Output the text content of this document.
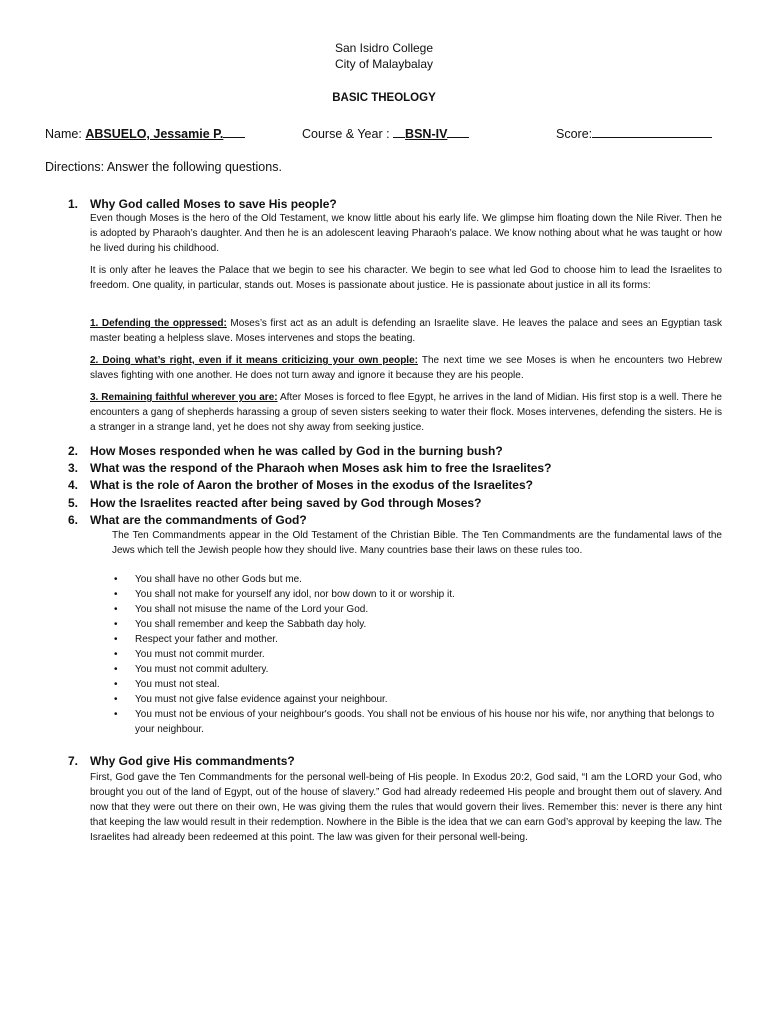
San Isidro College
City of Malaybalay
BASIC THEOLOGY
Name: ABSUELO, Jessamie P.	Course & Year : BSN-IV	Score:
Directions: Answer the following questions.
1. Why God called Moses to save His people?
Even though Moses is the hero of the Old Testament, we know little about his early life. We glimpse him floating down the Nile River. Then he is adopted by Pharaoh’s daughter. And then he is an adolescent leaving Pharaoh’s palace. We know nothing about what he was taught or how he lived during his childhood.
It is only after he leaves the Palace that we begin to see his character. We begin to see what led God to choose him to lead the Israelites to freedom. One quality, in particular, stands out. Moses is passionate about justice. He is passionate about justice in all its forms:
1. Defending the oppressed: Moses’s first act as an adult is defending an Israelite slave. He leaves the palace and sees an Egyptian task master beating a helpless slave. Moses intervenes and stops the beating.
2. Doing what’s right, even if it means criticizing your own people: The next time we see Moses is when he encounters two Hebrew slaves fighting with one another. He does not turn away and ignore it because they are his people.
3. Remaining faithful wherever you are: After Moses is forced to flee Egypt, he arrives in the land of Midian. His first stop is a well. There he encounters a gang of shepherds harassing a group of seven sisters seeking to water their flock. Moses intervenes, defending the sisters. He is a stranger in a strange land, yet he does not shy away from seeking justice.
2. How Moses responded when he was called by God in the burning bush?
3. What was the respond of the Pharaoh when Moses ask him to free the Israelites?
4. What is the role of Aaron the brother of Moses in the exodus of the Israelites?
5. How the Israelites reacted after being saved by God through Moses?
6. What are the commandments of God?
The Ten Commandments appear in the Old Testament of the Christian Bible. The Ten Commandments are the fundamental laws of the Jews which tell the Jewish people how they should live. Many countries base their laws on these rules too.
• You shall have no other Gods but me.
• You shall not make for yourself any idol, nor bow down to it or worship it.
• You shall not misuse the name of the Lord your God.
• You shall remember and keep the Sabbath day holy.
• Respect your father and mother.
• You must not commit murder.
• You must not commit adultery.
• You must not steal.
• You must not give false evidence against your neighbour.
• You must not be envious of your neighbour's goods. You shall not be envious of his house nor his wife, nor anything that belongs to your neighbour.
7. Why God give His commandments?
First, God gave the Ten Commandments for the personal well-being of His people. In Exodus 20:2, God said, “I am the LORD your God, who brought you out of the land of Egypt, out of the house of slavery.” God had already redeemed His people and brought them out of slavery. And now that they were out there on their own, He was giving them the rules that would govern their lives. Remember this: never is there any hint that keeping the law would result in their redemption. Nowhere in the Bible is the idea that we can earn God’s approval by keeping the law. The Israelites had already been redeemed at this point. The law was given for their personal well-being.
